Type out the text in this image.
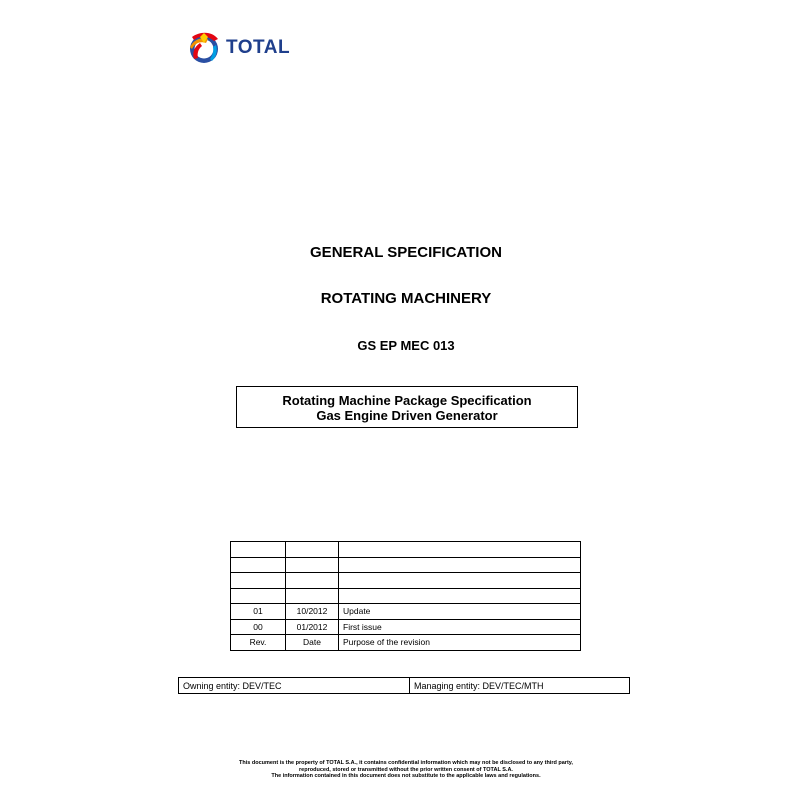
TOTAL
GENERAL SPECIFICATION
ROTATING MACHINERY
GS EP MEC 013
Rotating Machine Package Specification
Gas Engine Driven Generator

01	10/2012	Update
00	01/2012	First issue
Rev.	Date	Purpose of the revision
Owning entity: DEV/TEC	Managing entity: DEV/TEC/MTH
This document is the property of TOTAL S.A., it contains confidential information which may not be disclosed to any third party,
reproduced, stored or transmitted without the prior written consent of TOTAL S.A.
The information contained in this document does not substitute to the applicable laws and regulations.
